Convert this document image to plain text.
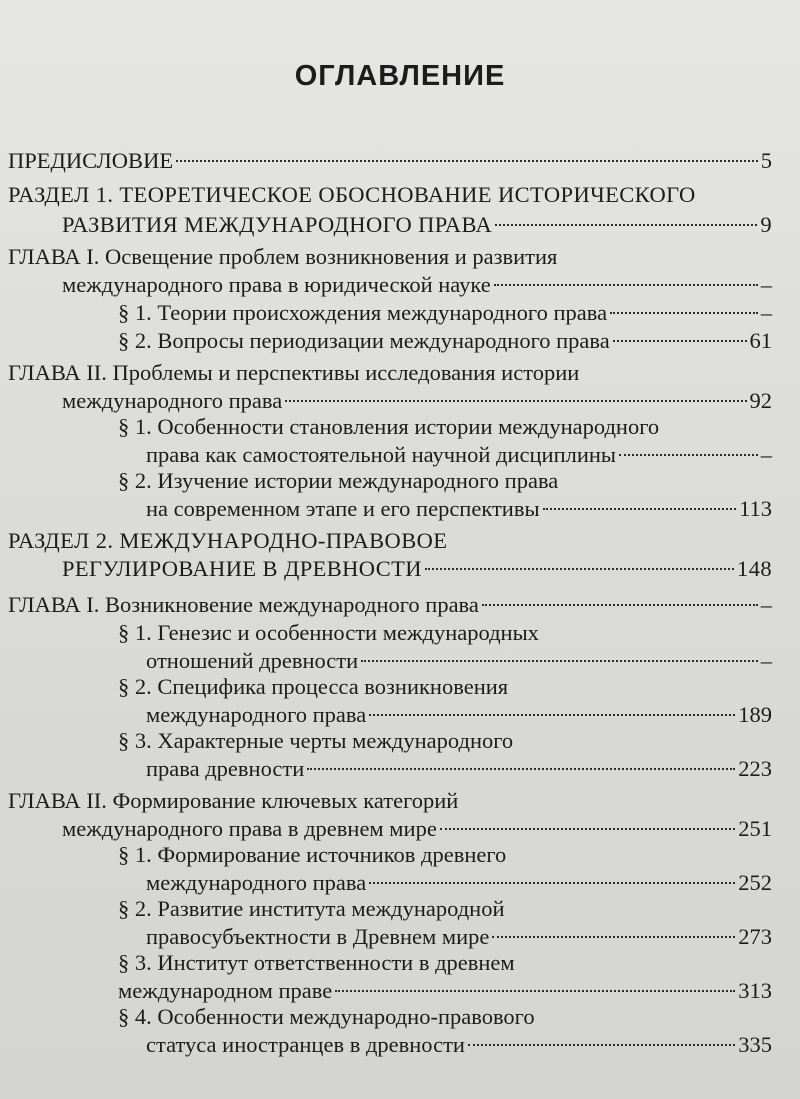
ОГЛАВЛЕНИЕ
ПРЕДИСЛОВИЕ	5
РАЗДЕЛ 1. ТЕОРЕТИЧЕСКОЕ ОБОСНОВАНИЕ ИСТОРИЧЕСКОГО
РАЗВИТИЯ МЕЖДУНАРОДНОГО ПРАВА	9
ГЛАВА I. Освещение проблем возникновения и развития
международного права в юридической науке	–
§ 1. Теории происхождения международного права	–
§ 2. Вопросы периодизации международного права	61
ГЛАВА II. Проблемы и перспективы исследования истории
международного права	92
§ 1. Особенности становления истории международного
права как самостоятельной научной дисциплины	–
§ 2. Изучение истории международного права
на современном этапе и его перспективы	113
РАЗДЕЛ 2. МЕЖДУНАРОДНО-ПРАВОВОЕ
РЕГУЛИРОВАНИЕ В ДРЕВНОСТИ	148
ГЛАВА I. Возникновение международного права	–
§ 1. Генезис и особенности международных
отношений древности	–
§ 2. Специфика процесса возникновения
международного права	189
§ 3. Характерные черты международного
права древности	223
ГЛАВА II. Формирование ключевых категорий
международного права в древнем мире	251
§ 1. Формирование источников древнего
международного права	252
§ 2. Развитие института международной
правосубъектности в Древнем мире	273
§ 3. Институт ответственности в древнем
международном праве	313
§ 4. Особенности международно-правового
статуса иностранцев в древности	335
